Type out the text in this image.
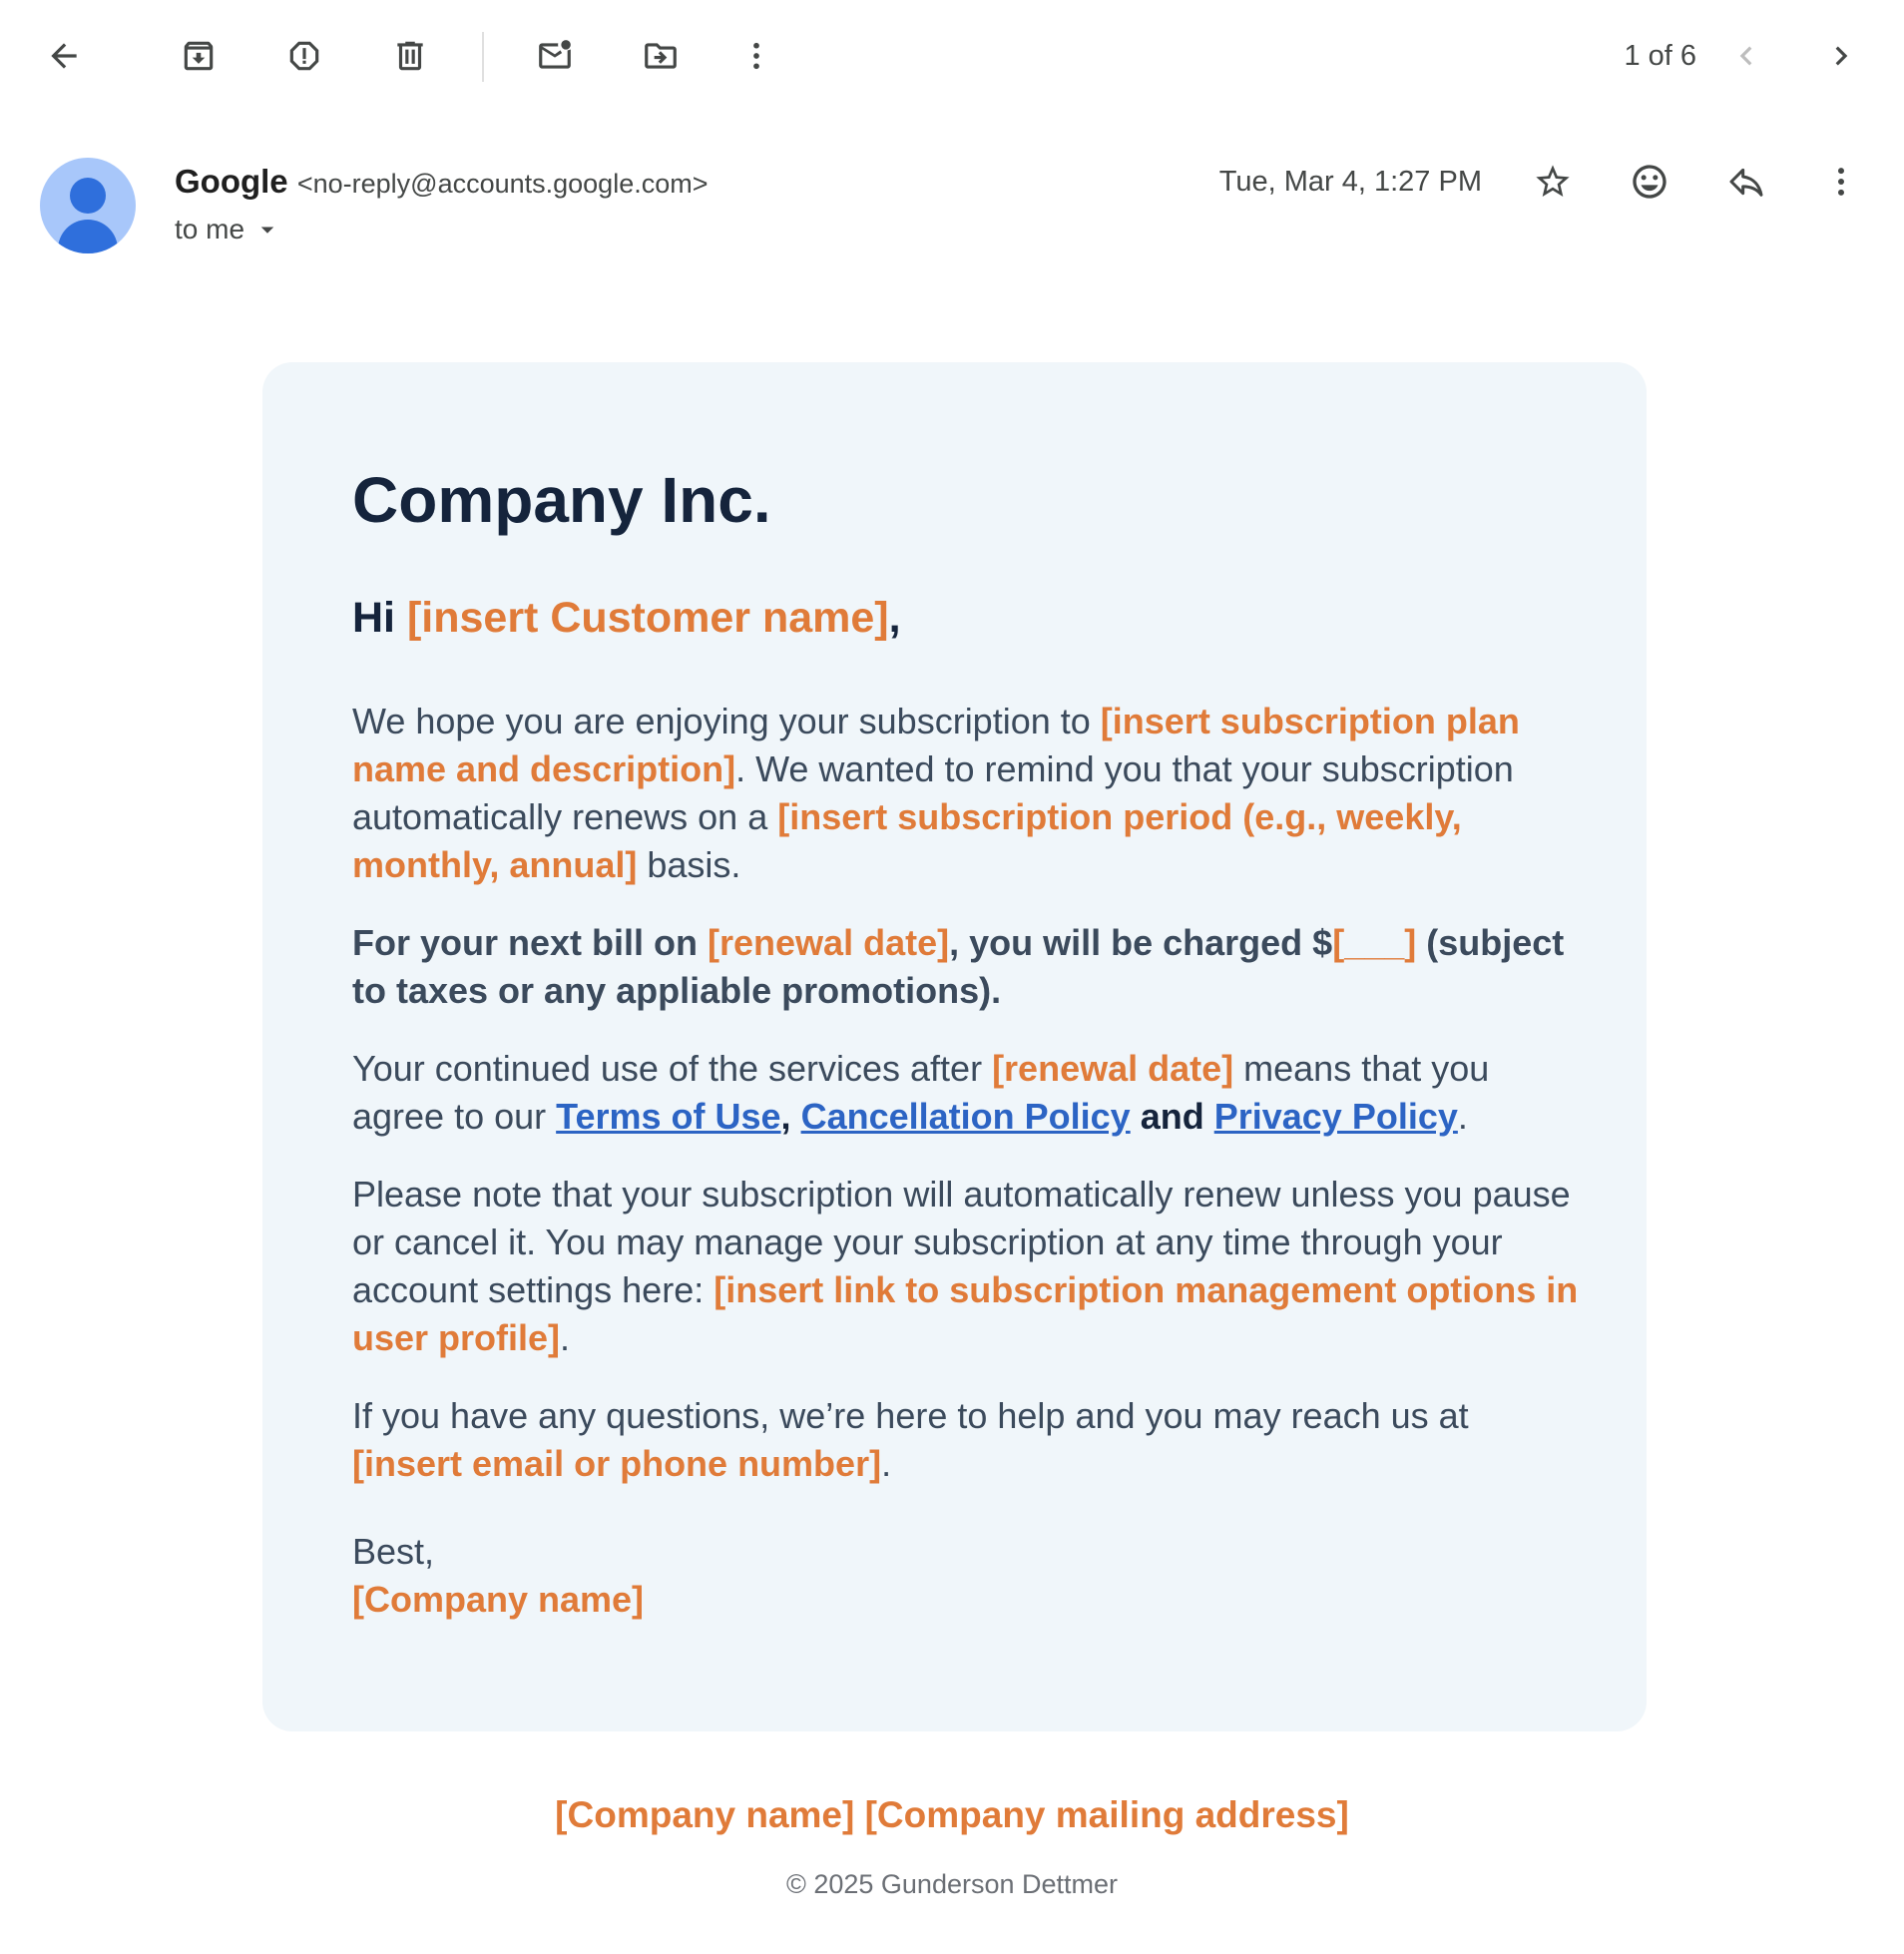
1 of 6
Google <no-reply@accounts.google.com>
to me
Tue, Mar 4, 1:27 PM
Company Inc.
Hi [insert Customer name],
We hope you are enjoying your subscription to [insert subscription plan name and description]. We wanted to remind you that your subscription automatically renews on a [insert subscription period (e.g., weekly, monthly, annual] basis.
For your next bill on [renewal date], you will be charged $[___] (subject to taxes or any appliable promotions).
Your continued use of the services after [renewal date] means that you agree to our Terms of Use, Cancellation Policy and Privacy Policy.
Please note that your subscription will automatically renew unless you pause or cancel it. You may manage your subscription at any time through your account settings here: [insert link to subscription management options in user profile].
If you have any questions, we’re here to help and you may reach us at [insert email or phone number].
Best,
[Company name]
[Company name] [Company mailing address]
© 2025 Gunderson Dettmer
